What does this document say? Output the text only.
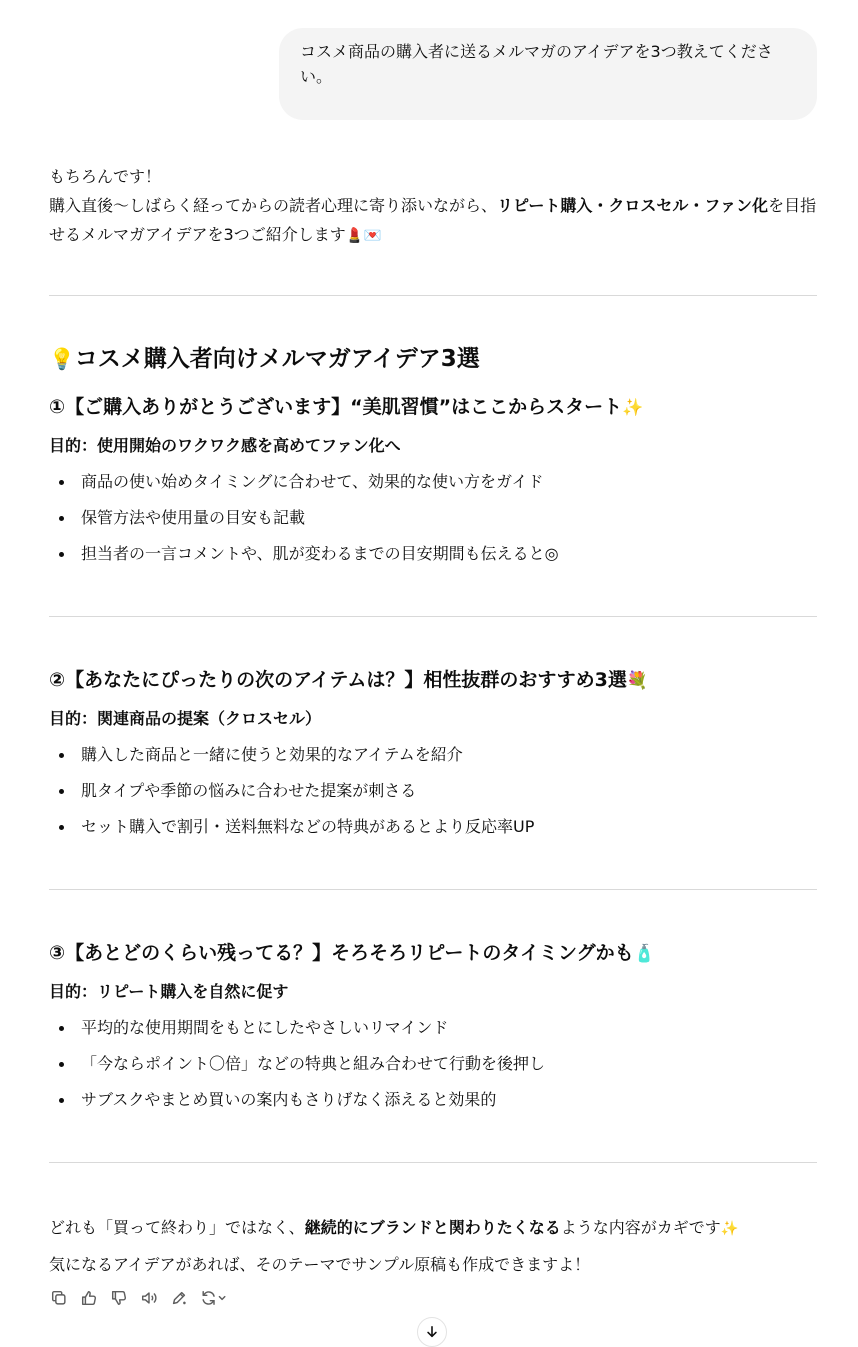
コスメ商品の購入者に送るメルマガのアイデアを3つ教えてください。
もちろんです！
購入直後〜しばらく経ってからの読者心理に寄り添いながら、リピート購入・クロスセル・ファン化を目指せるメルマガアイデアを3つご紹介します💄💌
💡コスメ購入者向けメルマガアイデア3選
①【ご購入ありがとうございます】“美肌習慣”はここからスタート✨
目的：使用開始のワクワク感を高めてファン化へ
商品の使い始めタイミングに合わせて、効果的な使い方をガイド
保管方法や使用量の目安も記載
担当者の一言コメントや、肌が変わるまでの目安期間も伝えると◎
②【あなたにぴったりの次のアイテムは？】相性抜群のおすすめ3選💐
目的：関連商品の提案（クロスセル）
購入した商品と一緒に使うと効果的なアイテムを紹介
肌タイプや季節の悩みに合わせた提案が刺さる
セット購入で割引・送料無料などの特典があるとより反応率UP
③【あとどのくらい残ってる？】そろそろリピートのタイミングかも🧴
目的：リピート購入を自然に促す
平均的な使用期間をもとにしたやさしいリマインド
「今ならポイント〇倍」などの特典と組み合わせて行動を後押し
サブスクやまとめ買いの案内もさりげなく添えると効果的
どれも「買って終わり」ではなく、継続的にブランドと関わりたくなるような内容がカギです✨
気になるアイデアがあれば、そのテーマでサンプル原稿も作成できますよ！
